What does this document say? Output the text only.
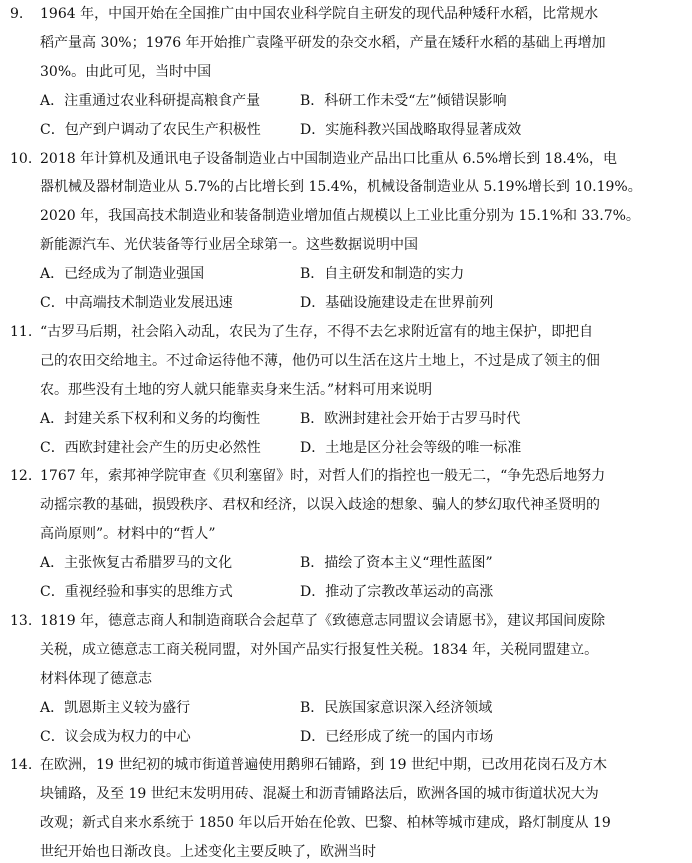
9. 1964 年，中国开始在全国推广由中国农业科学院自主研发的现代品种矮秆水稻，比常规水
稻产量高 30%；1976 年开始推广袁隆平研发的杂交水稻，产量在矮秆水稻的基础上再增加
30%。由此可见，当时中国
A．注重通过农业科研提高粮食产量	B．科研工作未受“左”倾错误影响
C．包产到户调动了农民生产积极性	D．实施科教兴国战略取得显著成效
10. 2018 年计算机及通讯电子设备制造业占中国制造业产品出口比重从 6.5%增长到 18.4%，电
器机械及器材制造业从 5.7%的占比增长到 15.4%，机械设备制造业从 5.19%增长到 10.19%。
2020 年，我国高技术制造业和装备制造业增加值占规模以上工业比重分别为 15.1%和 33.7%。
新能源汽车、光伏装备等行业居全球第一。这些数据说明中国
A．已经成为了制造业强国	B．自主研发和制造的实力
C．中高端技术制造业发展迅速	D．基础设施建设走在世界前列
11. “古罗马后期，社会陷入动乱，农民为了生存，不得不去乞求附近富有的地主保护，即把自
己的农田交给地主。不过命运待他不薄，他仍可以生活在这片土地上，不过是成了领主的佃
农。那些没有土地的穷人就只能靠卖身来生活。”材料可用来说明
A．封建关系下权利和义务的均衡性	B．欧洲封建社会开始于古罗马时代
C．西欧封建社会产生的历史必然性	D．土地是区分社会等级的唯一标准
12. 1767 年，索邦神学院审查《贝利塞留》时，对哲人们的指控也一般无二，“争先恐后地努力
动摇宗教的基础，损毁秩序、君权和经济，以误入歧途的想象、骗人的梦幻取代神圣贤明的
高尚原则”。材料中的“哲人”
A．主张恢复古希腊罗马的文化	B．描绘了资本主义“理性蓝图”
C．重视经验和事实的思维方式	D．推动了宗教改革运动的高涨
13. 1819 年，德意志商人和制造商联合会起草了《致德意志同盟议会请愿书》，建议邦国间废除
关税，成立德意志工商关税同盟，对外国产品实行报复性关税。1834 年，关税同盟建立。
材料体现了德意志
A．凯恩斯主义较为盛行	B．民族国家意识深入经济领域
C．议会成为权力的中心	D．已经形成了统一的国内市场
14. 在欧洲，19 世纪初的城市街道普遍使用鹅卵石铺路，到 19 世纪中期，已改用花岗石及方木
块铺路，及至 19 世纪末发明用砖、混凝土和沥青铺路法后，欧洲各国的城市街道状况大为
改观；新式自来水系统于 1850 年以后开始在伦敦、巴黎、柏林等城市建成，路灯制度从 19
世纪开始也日渐改良。上述变化主要反映了，欧洲当时
